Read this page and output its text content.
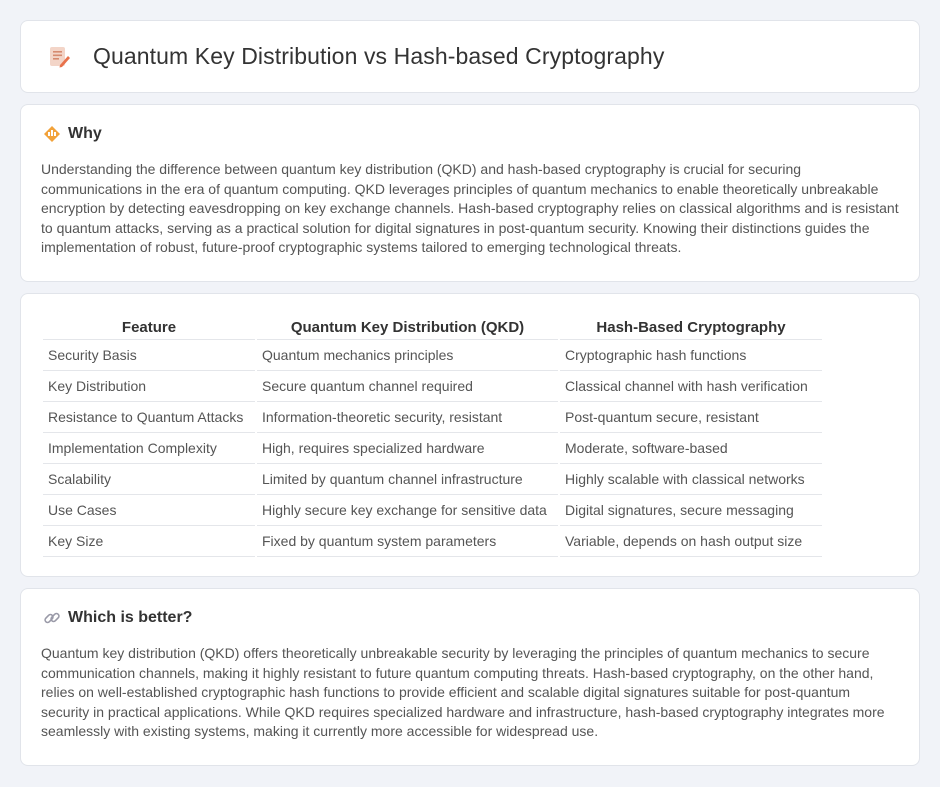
Quantum Key Distribution vs Hash-based Cryptography
Why

Understanding the difference between quantum key distribution (QKD) and hash-based cryptography is crucial for securing communications in the era of quantum computing. QKD leverages principles of quantum mechanics to enable theoretically unbreakable encryption by detecting eavesdropping on key exchange channels. Hash-based cryptography relies on classical algorithms and is resistant to quantum attacks, serving as a practical solution for digital signatures in post-quantum security. Knowing their distinctions guides the implementation of robust, future-proof cryptographic systems tailored to emerging technological threats.

Feature	Quantum Key Distribution (QKD)	Hash-Based Cryptography
Security Basis	Quantum mechanics principles	Cryptographic hash functions
Key Distribution	Secure quantum channel required	Classical channel with hash verification
Resistance to Quantum Attacks	Information-theoretic security, resistant	Post-quantum secure, resistant
Implementation Complexity	High, requires specialized hardware	Moderate, software-based
Scalability	Limited by quantum channel infrastructure	Highly scalable with classical networks
Use Cases	Highly secure key exchange for sensitive data	Digital signatures, secure messaging
Key Size	Fixed by quantum system parameters	Variable, depends on hash output size
Which is better?

Quantum key distribution (QKD) offers theoretically unbreakable security by leveraging the principles of quantum mechanics to secure communication channels, making it highly resistant to future quantum computing threats. Hash-based cryptography, on the other hand, relies on well-established cryptographic hash functions to provide efficient and scalable digital signatures suitable for post-quantum security in practical applications. While QKD requires specialized hardware and infrastructure, hash-based cryptography integrates more seamlessly with existing systems, making it currently more accessible for widespread use.
